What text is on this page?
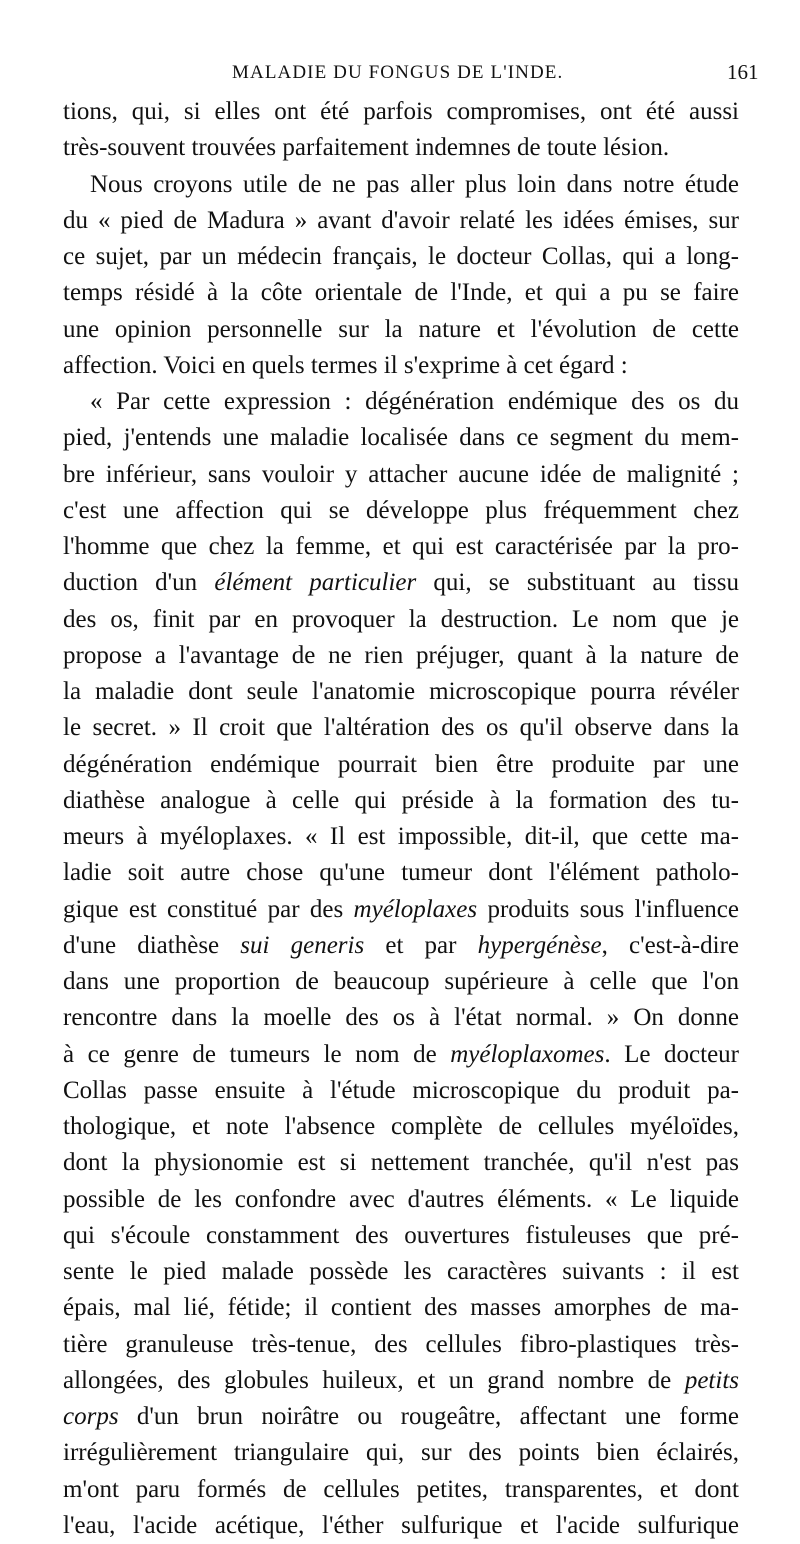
MALADIE DU FONGUS DE L'INDE.	161
tions, qui, si elles ont été parfois compromises, ont été aussi
très-souvent trouvées parfaitement indemnes de toute lésion.
Nous croyons utile de ne pas aller plus loin dans notre étude
du « pied de Madura » avant d'avoir relaté les idées émises, sur
ce sujet, par un médecin français, le docteur Collas, qui a long-
temps résidé à la côte orientale de l'Inde, et qui a pu se faire
une opinion personnelle sur la nature et l'évolution de cette
affection. Voici en quels termes il s'exprime à cet égard :
« Par cette expression : dégénération endémique des os du
pied, j'entends une maladie localisée dans ce segment du mem-
bre inférieur, sans vouloir y attacher aucune idée de malignité ;
c'est une affection qui se développe plus fréquemment chez
l'homme que chez la femme, et qui est caractérisée par la pro-
duction d'un élément particulier qui, se substituant au tissu
des os, finit par en provoquer la destruction. Le nom que je
propose a l'avantage de ne rien préjuger, quant à la nature de
la maladie dont seule l'anatomie microscopique pourra révéler
le secret. » Il croit que l'altération des os qu'il observe dans la
dégénération endémique pourrait bien être produite par une
diathèse analogue à celle qui préside à la formation des tu-
meurs à myéloplaxes. « Il est impossible, dit-il, que cette ma-
ladie soit autre chose qu'une tumeur dont l'élément patholo-
gique est constitué par des myéloplaxes produits sous l'influence
d'une diathèse sui generis et par hypergénèse, c'est-à-dire
dans une proportion de beaucoup supérieure à celle que l'on
rencontre dans la moelle des os à l'état normal. » On donne
à ce genre de tumeurs le nom de myéloplaxomes. Le docteur
Collas passe ensuite à l'étude microscopique du produit pa-
thologique, et note l'absence complète de cellules myéloïdes,
dont la physionomie est si nettement tranchée, qu'il n'est pas
possible de les confondre avec d'autres éléments. « Le liquide
qui s'écoule constamment des ouvertures fistuleuses que pré-
sente le pied malade possède les caractères suivants : il est
épais, mal lié, fétide; il contient des masses amorphes de ma-
tière granuleuse très-tenue, des cellules fibro-plastiques très-
allongées, des globules huileux, et un grand nombre de petits
corps d'un brun noirâtre ou rougeâtre, affectant une forme
irrégulièrement triangulaire qui, sur des points bien éclairés,
m'ont paru formés de cellules petites, transparentes, et dont
l'eau, l'acide acétique, l'éther sulfurique et l'acide sulfurique
